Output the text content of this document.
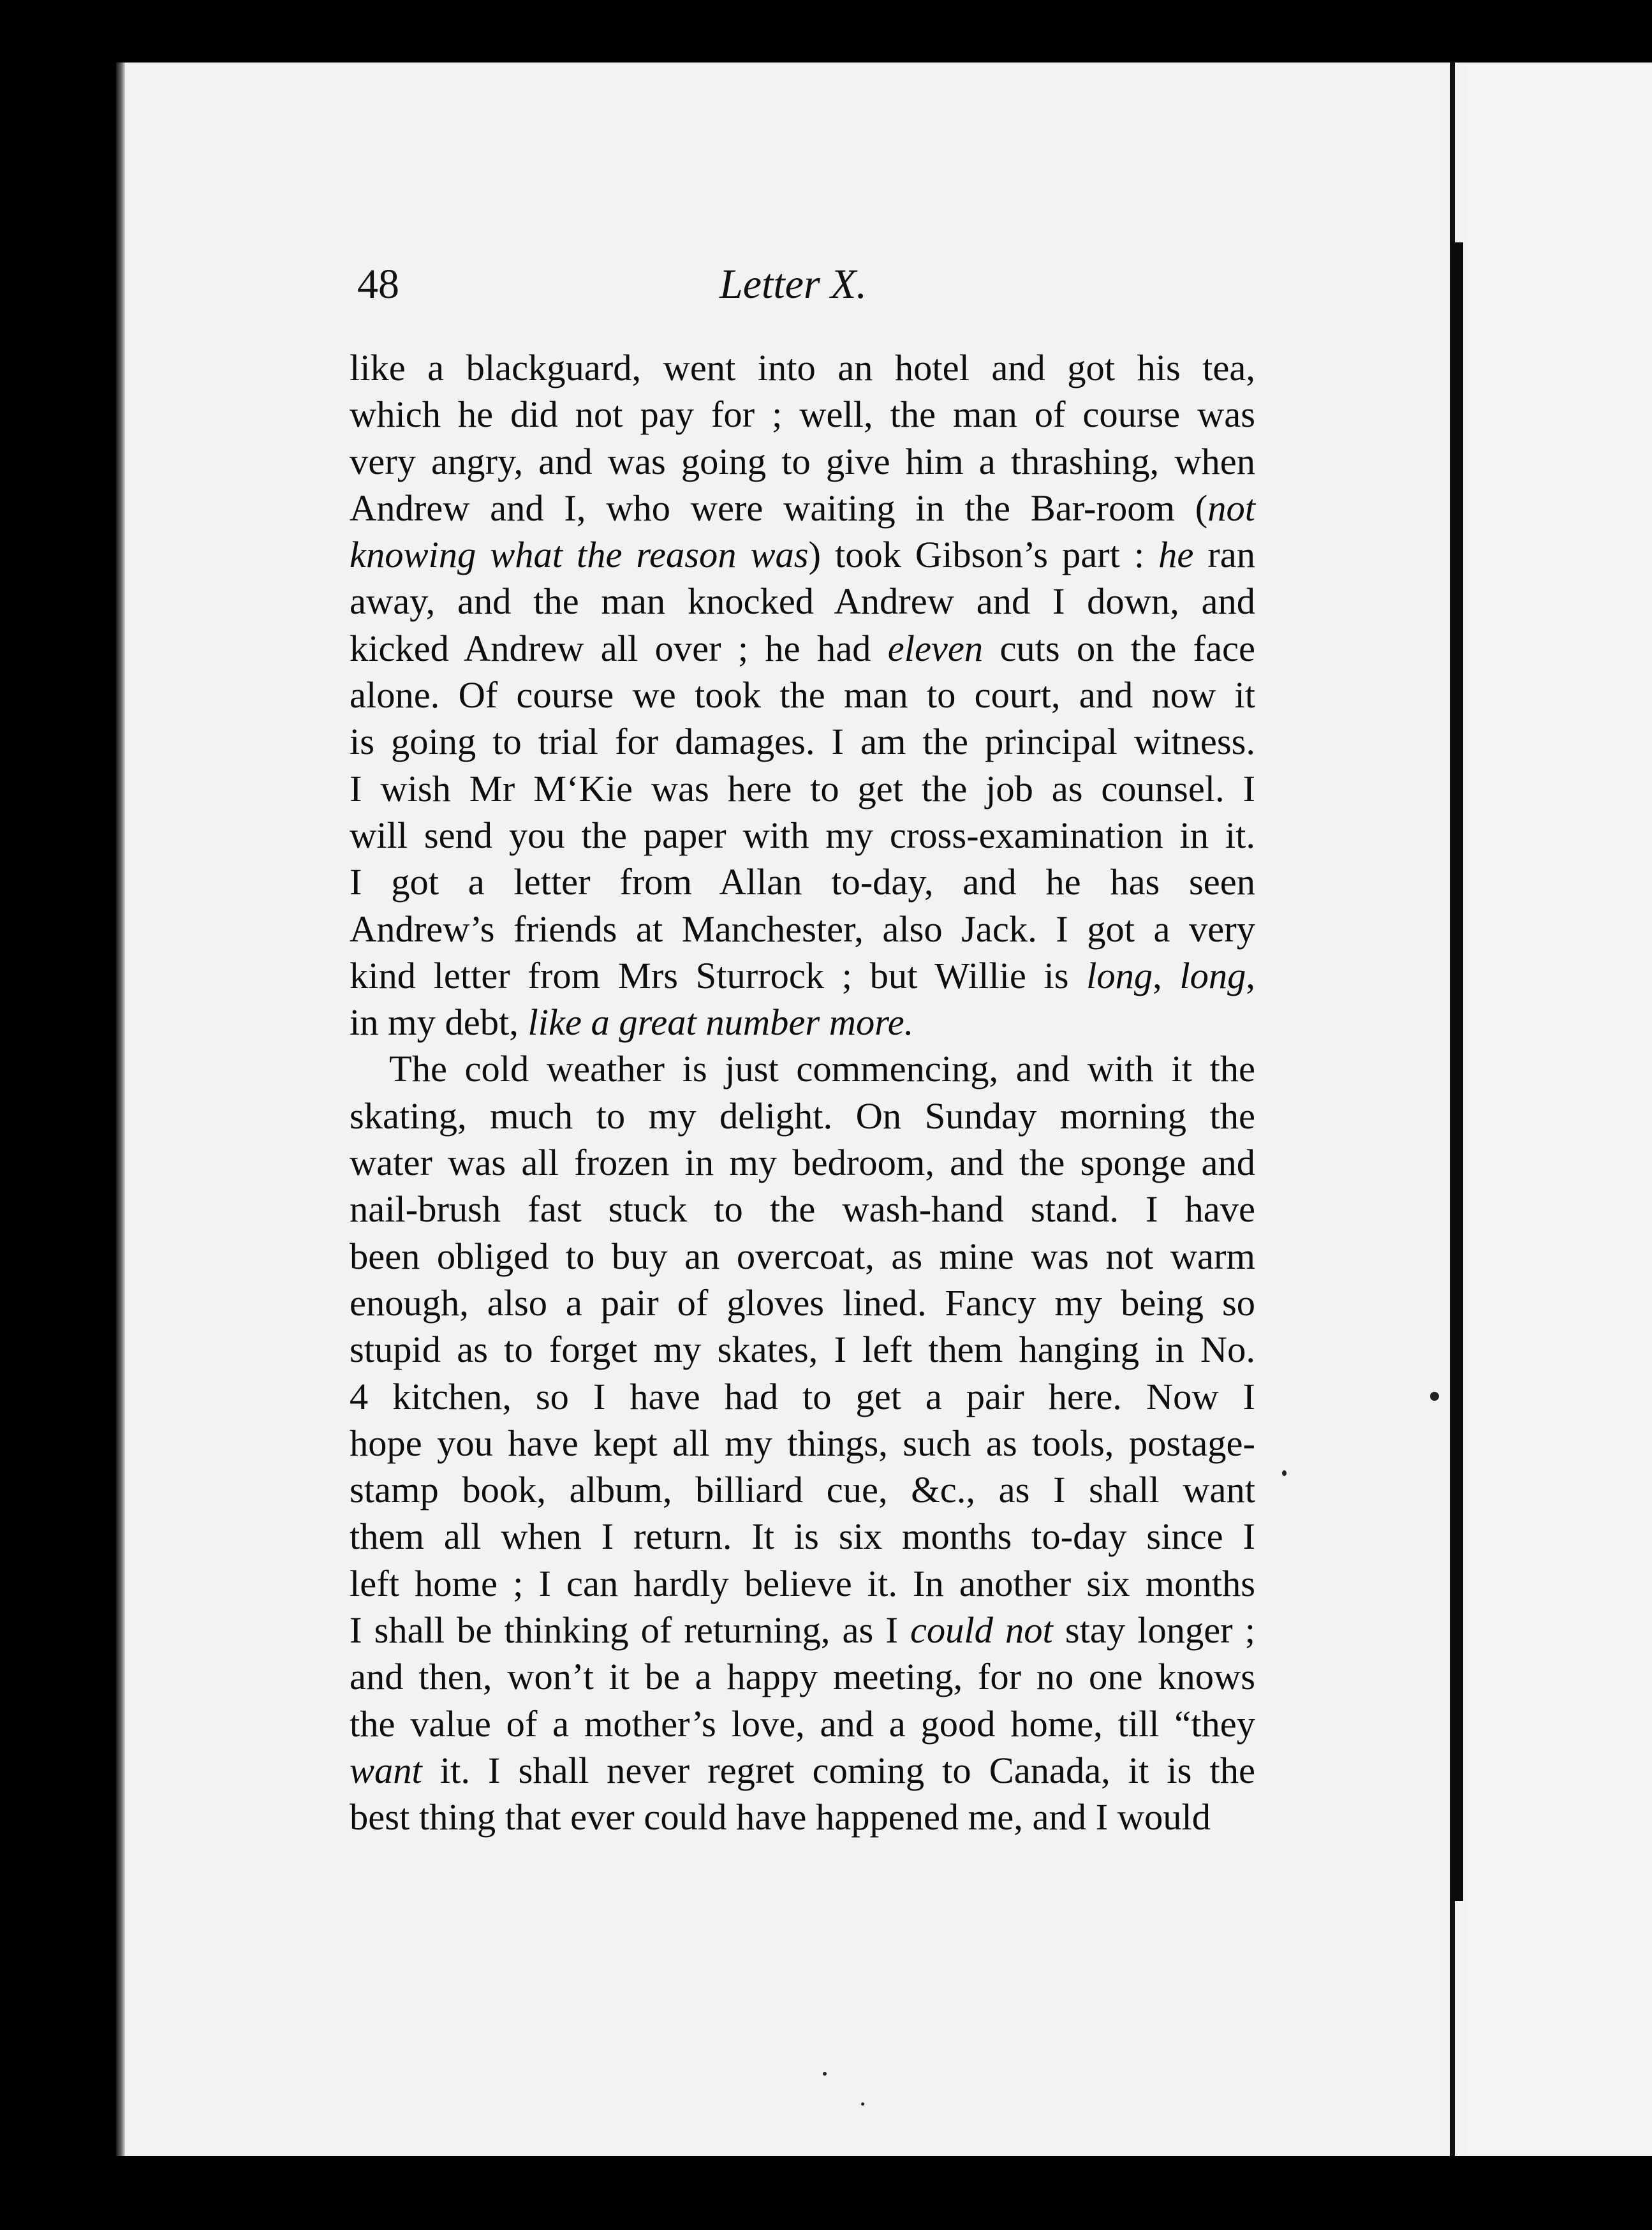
48	Letter X.
like a blackguard, went into an hotel and got his tea,
which he did not pay for ; well, the man of course was
very angry, and was going to give him a thrashing, when
Andrew and I, who were waiting in the Bar-room (not
knowing what the reason was) took Gibson’s part : he ran
away, and the man knocked Andrew and I down, and
kicked Andrew all over ; he had eleven cuts on the face
alone. Of course we took the man to court, and now it
is going to trial for damages. I am the principal witness.
I wish Mr M‘Kie was here to get the job as counsel. I
will send you the paper with my cross-examination in it.
I got a letter from Allan to-day, and he has seen
Andrew’s friends at Manchester, also Jack. I got a very
kind letter from Mrs Sturrock ; but Willie is long, long,
in my debt, like a great number more.
The cold weather is just commencing, and with it the
skating, much to my delight. On Sunday morning the
water was all frozen in my bedroom, and the sponge and
nail-brush fast stuck to the wash-hand stand. I have
been obliged to buy an overcoat, as mine was not warm
enough, also a pair of gloves lined. Fancy my being so
stupid as to forget my skates, I left them hanging in No.
4 kitchen, so I have had to get a pair here. Now I
hope you have kept all my things, such as tools, postage-
stamp book, album, billiard cue, &c., as I shall want
them all when I return. It is six months to-day since I
left home ; I can hardly believe it. In another six months
I shall be thinking of returning, as I could not stay longer ;
and then, won’t it be a happy meeting, for no one knows
the value of a mother’s love, and a good home, till “they
want it. I shall never regret coming to Canada, it is the
best thing that ever could have happened me, and I would
